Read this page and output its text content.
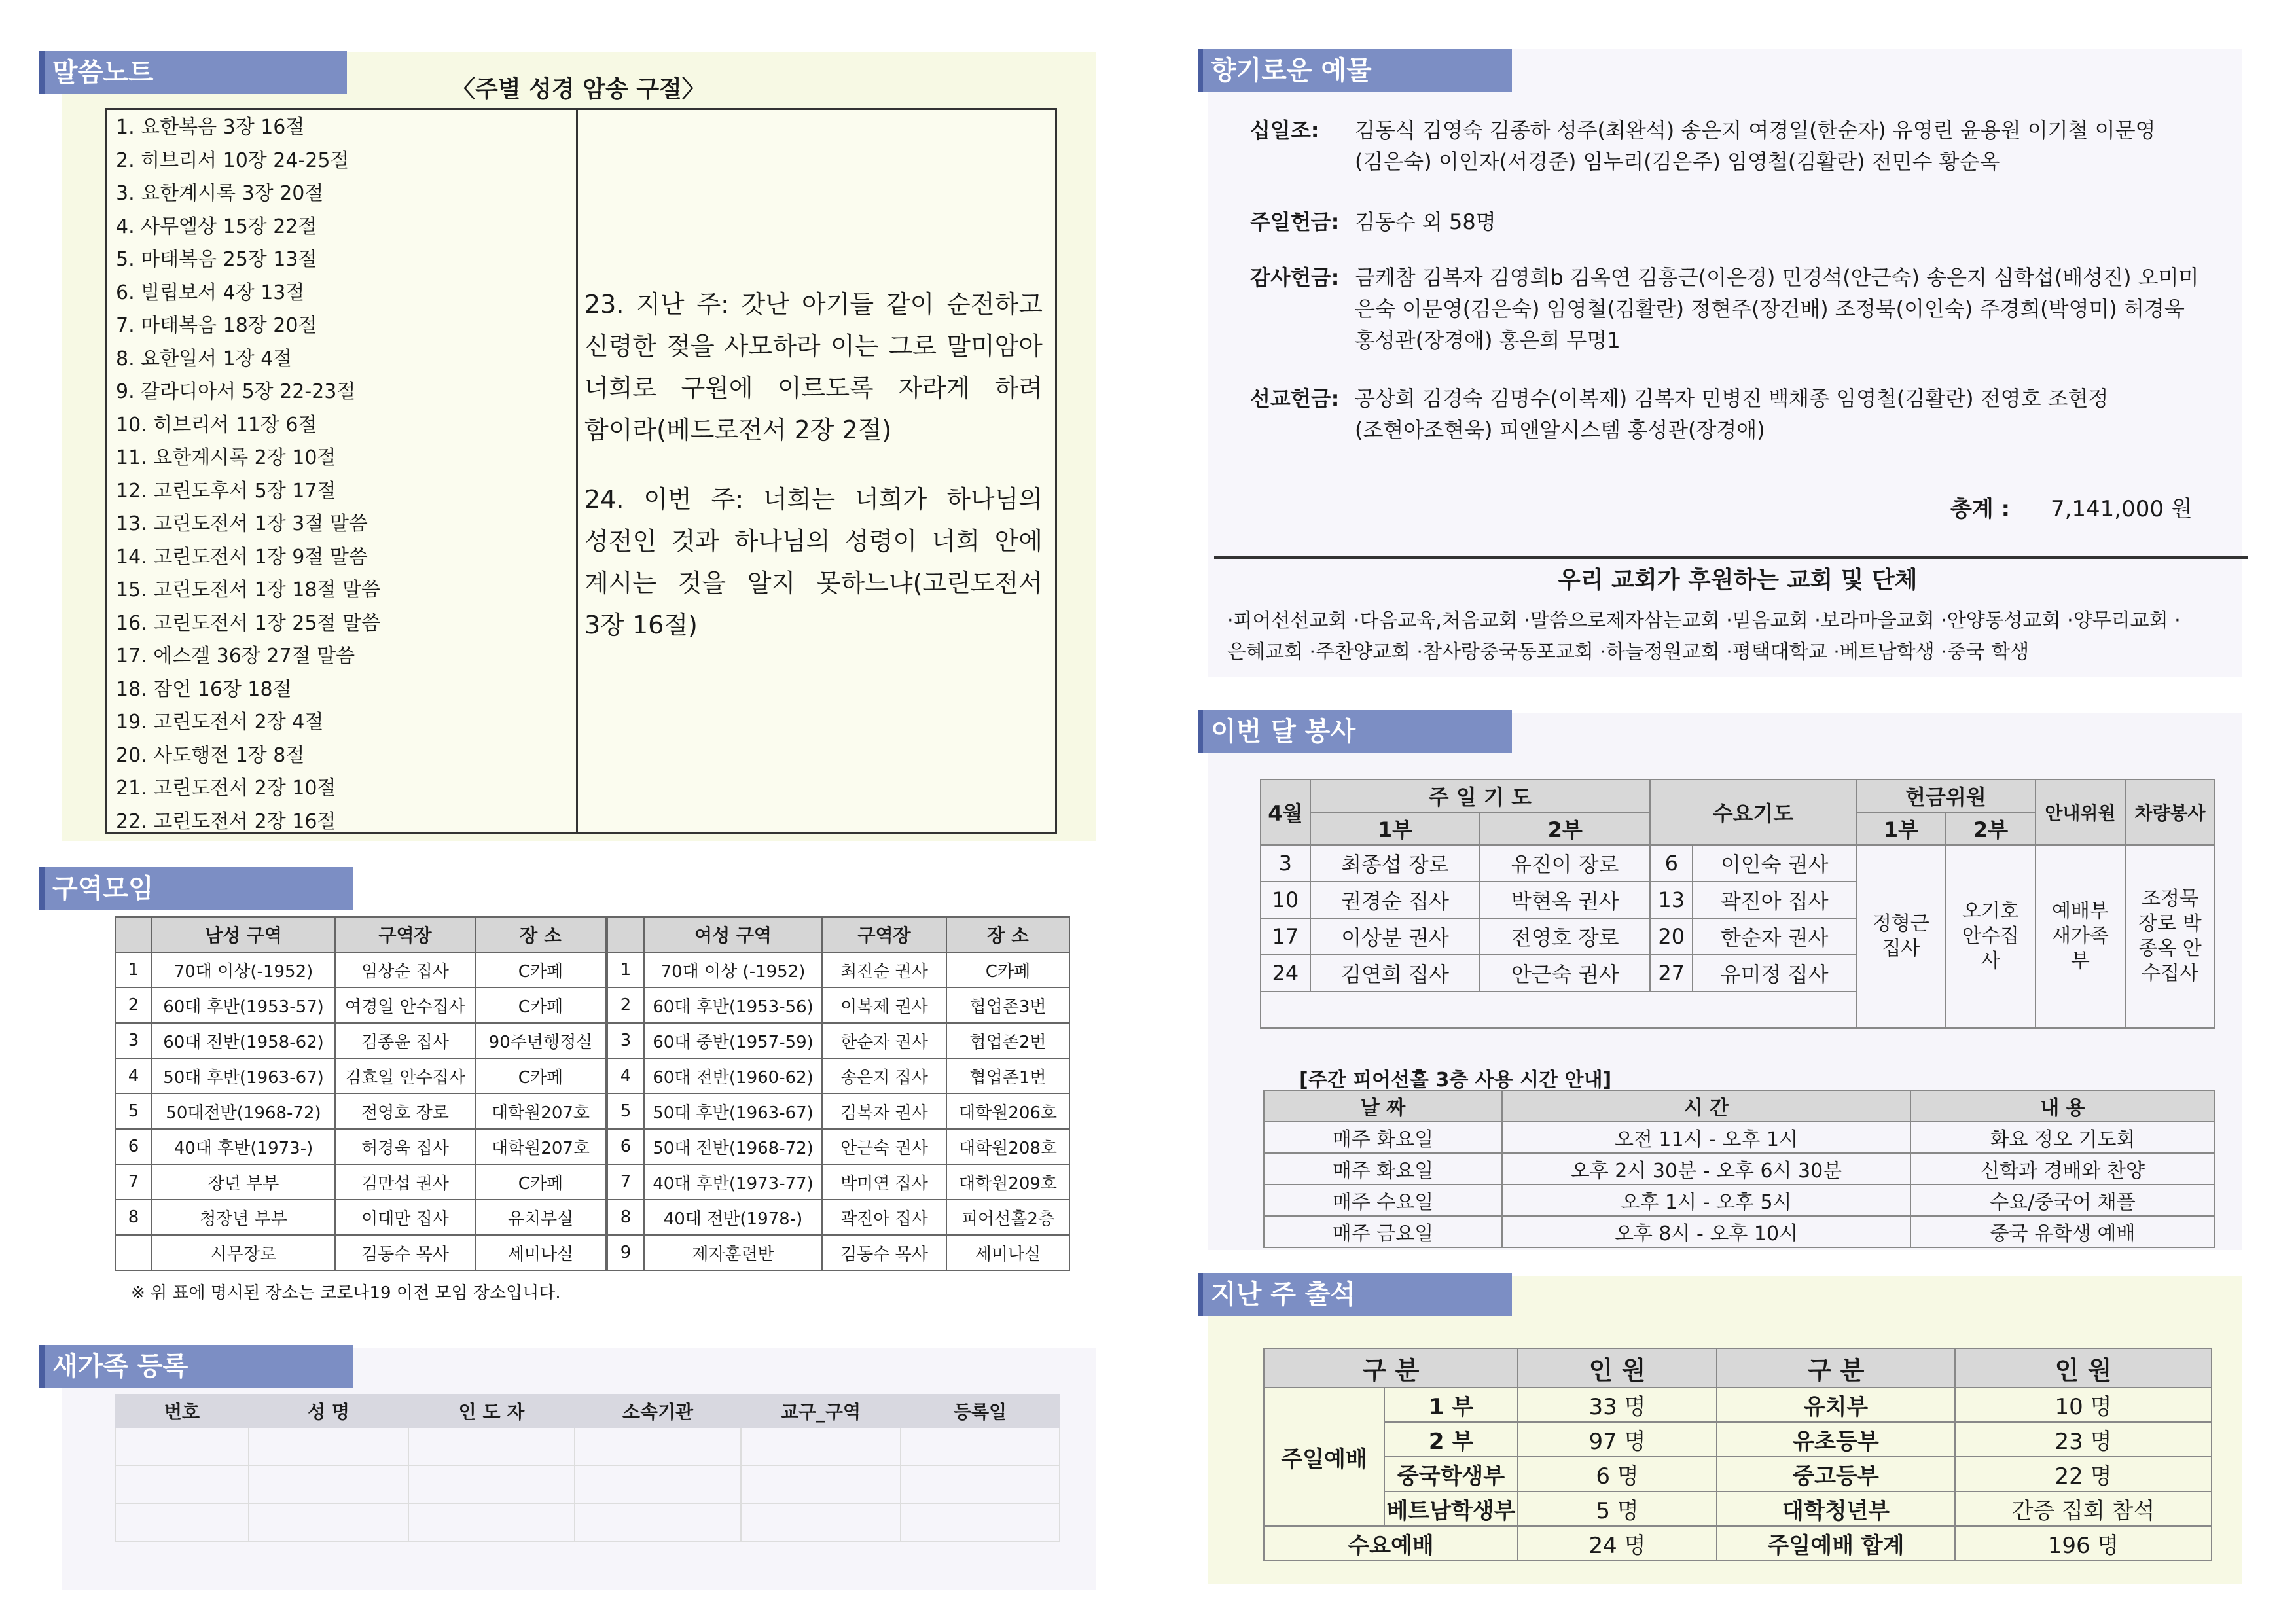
말씀노트
〈주별 성경 암송 구절〉
1. 요한복음 3장 16절
2. 히브리서 10장 24-25절
3. 요한계시록 3장 20절
4. 사무엘상 15장 22절
5. 마태복음 25장 13절
6. 빌립보서 4장 13절
7. 마태복음 18장 20절
8. 요한일서 1장 4절
9. 갈라디아서 5장 22-23절
10. 히브리서 11장 6절
11. 요한계시록 2장 10절
12. 고린도후서 5장 17절
13. 고린도전서 1장 3절 말씀
14. 고린도전서 1장 9절 말씀
15. 고린도전서 1장 18절 말씀
16. 고린도전서 1장 25절 말씀
17. 에스겔 36장 27절 말씀
18. 잠언 16장 18절
19. 고린도전서 2장 4절
20. 사도행전 1장 8절
21. 고린도전서 2장 10절
22. 고린도전서 2장 16절
23. 지난 주: 갓난 아기들 같이 순전하고 신령한 젖을 사모하라 이는 그로 말미암아 너희로 구원에 이르도록 자라게 하려 함이라(베드로전서 2장 2절)
24. 이번 주: 너희는 너희가 하나님의 성전인 것과 하나님의 성령이 너희 안에 계시는 것을 알지 못하느냐(고린도전서 3장 16절)
구역모임
	남성 구역	구역장	장 소
1	70대 이상(-1952)	임상순 집사	C카페
2	60대 후반(1953-57)	여경일 안수집사	C카페
3	60대 전반(1958-62)	김종윤 집사	90주년행정실
4	50대 후반(1963-67)	김효일 안수집사	C카페
5	50대전반(1968-72)	전영호 장로	대학원207호
6	40대 후반(1973-)	허경욱 집사	대학원207호
7	장년 부부	김만섭 권사	C카페
8	청장년 부부	이대만 집사	유치부실
	시무장로	김동수 목사	세미나실
	여성 구역	구역장	장 소
1	70대 이상 (-1952)	최진순 권사	C카페
2	60대 후반(1953-56)	이복제 권사	협업존3번
3	60대 중반(1957-59)	한순자 권사	협업존2번
4	60대 전반(1960-62)	송은지 집사	협업존1번
5	50대 후반(1963-67)	김복자 권사	대학원206호
6	50대 전반(1968-72)	안근숙 권사	대학원208호
7	40대 후반(1973-77)	박미연 집사	대학원209호
8	40대 전반(1978-)	곽진아 집사	피어선홀2층
9	제자훈련반	김동수 목사	세미나실
※ 위 표에 명시된 장소는 코로나19 이전 모임 장소입니다.
새가족 등록
번호	성 명	인 도 자	소속기관	교구_구역	등록일

향기로운 예물
십일조:	김동식 김영숙 김종하 성주(최완석) 송은지 여경일(한순자) 유영린 윤용원 이기철 이문영(김은숙) 이인자(서경준) 임누리(김은주) 임영철(김활란) 전민수 황순옥
주일헌금: 김동수 외 58명
감사헌금: 금케참 김복자 김영희b 김옥연 김흥근(이은경) 민경석(안근숙) 송은지 심학섭(배성진) 오미미 은숙 이문영(김은숙) 임영철(김활란) 정현주(장건배) 조정묵(이인숙) 주경희(박영미) 허경욱 홍성관(장경애) 홍은희 무명1
선교헌금: 공상희 김경숙 김명수(이복제) 김복자 민병진 백채종 임영철(김활란) 전영호 조현정(조현아조현욱) 피앤알시스템 홍성관(장경애)
총계 : 7,141,000 원
우리 교회가 후원하는 교회 및 단체
·피어선선교회 ·다음교육,처음교회 ·말씀으로제자삼는교회 ·믿음교회 ·보라마을교회 ·안양동성교회 ·양무리교회 ·은혜교회 ·주찬양교회 ·참사랑중국동포교회 ·하늘정원교회 ·평택대학교 ·베트남학생 ·중국 학생
이번 달 봉사
4월	주 일 기 도		수요기도		헌금위원		안내위원	차량봉사
	1부	2부			1부	2부		
3	최종섭 장로	유진이 장로	6	이인숙 권사	정형근 집사	오기호 안수집사	예배부 새가족부	조정묵 장로 박종옥 안수집사
10	권경순 집사	박현옥 권사	13	곽진아 집사				
17	이상분 권사	전영호 장로	20	한순자 권사				
24	김연희 집사	안근숙 권사	27	유미정 집사				

[주간 피어선홀 3층 사용 시간 안내]
날 짜	시 간	내 용
매주 화요일	오전 11시 - 오후 1시	화요 정오 기도회
매주 화요일	오후 2시 30분 - 오후 6시 30분	신학과 경배와 찬양
매주 수요일	오후 1시 - 오후 5시	수요/중국어 채플
매주 금요일	오후 8시 - 오후 10시	중국 유학생 예배
지난 주 출석
구 분		인 원	구 분	인 원
주일예배	1 부	33 명	유치부	10 명
	2 부	97 명	유초등부	23 명
	중국학생부	6 명	중고등부	22 명
	베트남학생부	5 명	대학청년부	간증 집회 참석
수요예배		24 명	주일예배 합계	196 명
